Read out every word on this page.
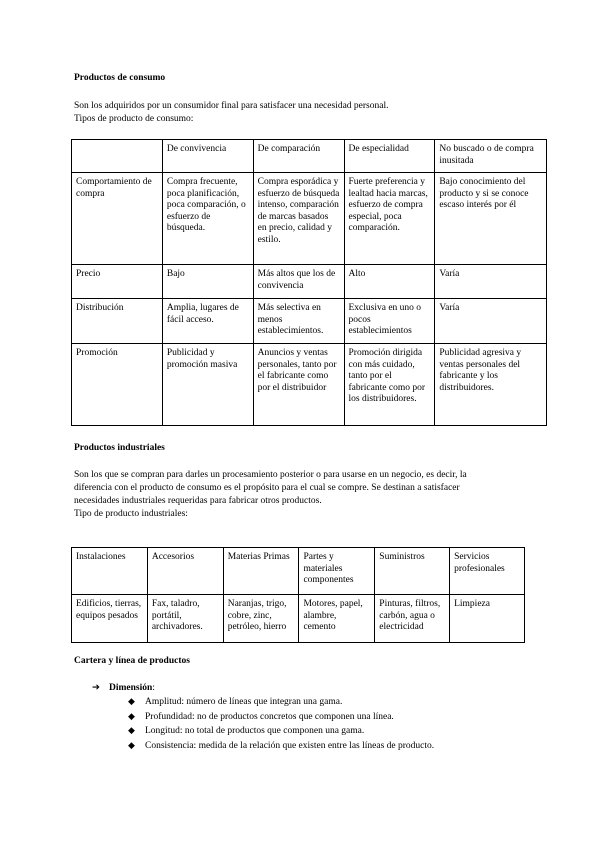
Productos de consumo

Son los adquiridos por un consumidor final para satisfacer una necesidad personal.

Tipos de producto de consumo:

	De convivencia	De comparación	De especialidad	No buscado o de compra inusitada
Comportamiento de compra	Compra frecuente, poca planificación, poca comparación, o esfuerzo de búsqueda.	Compra esporádica y esfuerzo de búsqueda intenso, comparación de marcas basados en precio, calidad y estilo.	Fuerte preferencia y lealtad hacia marcas, esfuerzo de compra especial, poca comparación.	Bajo conocimiento del producto y si se conoce escaso interés por él
Precio	Bajo	Más altos que los de convivencia	Alto	Varía
Distribución	Amplia, lugares de fácil acceso.	Más selectiva en menos establecimientos.	Exclusiva en uno o pocos establecimientos	Varía
Promoción	Publicidad y promoción masiva	Anuncios y ventas personales, tanto por el fabricante como por el distribuidor	Promoción dirigida con más cuidado, tanto por el fabricante como por los distribuidores.	Publicidad agresiva y ventas personales del fabricante y los distribuidores.

Productos industriales

Son los que se compran para darles un procesamiento posterior o para usarse en un negocio, es decir, la

diferencia con el producto de consumo es el propósito para el cual se compre. Se destinan a satisfacer

necesidades industriales requeridas para fabricar otros productos.

Tipo de producto industriales:

Instalaciones	Accesorios	Materias Primas	Partes y materiales componentes	Suministros	Servicios profesionales
Edificios, tierras, equipos pesados	Fax, taladro, portátil, archivadores.	Naranjas, trigo, cobre, zinc, petróleo, hierro	Motores, papel, alambre, cemento	Pinturas, filtros, carbón, agua o electricidad	Limpieza

Cartera y línea de productos

➔ Dimensión:
◆ Amplitud: número de líneas que integran una gama.
◆ Profundidad: no de productos concretos que componen una línea.
◆ Longitud: no total de productos que componen una gama.
◆ Consistencia: medida de la relación que existen entre las líneas de producto.
